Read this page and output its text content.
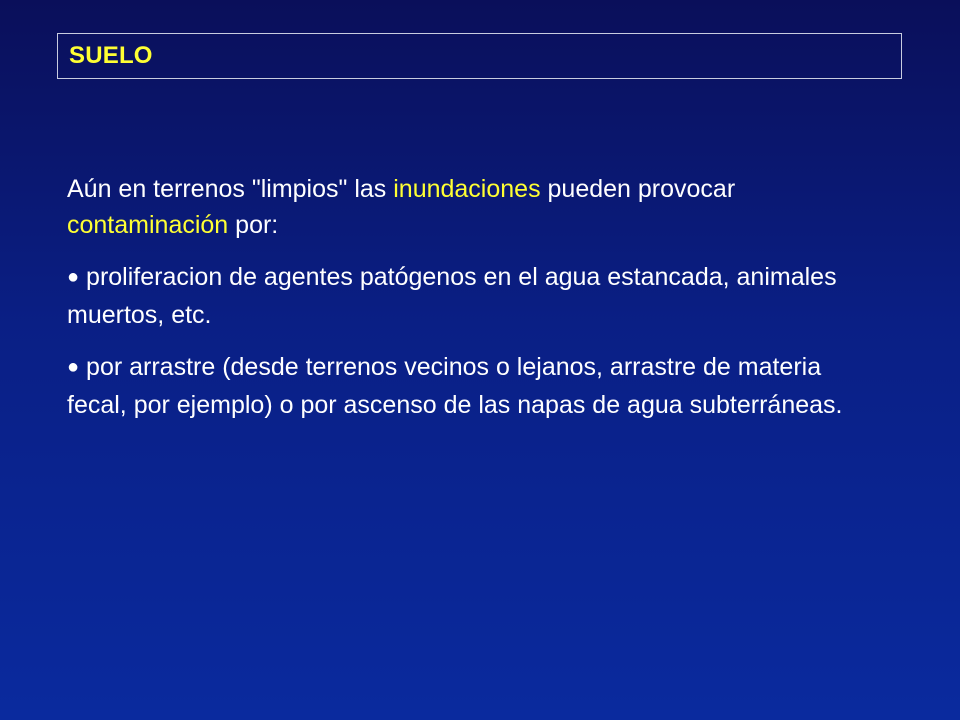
SUELO

Aún en terrenos "limpios" las inundaciones pueden provocar contaminación por:

● proliferacion de agentes patógenos en el agua estancada, animales muertos, etc.

● por arrastre (desde terrenos vecinos o lejanos, arrastre de materia fecal, por ejemplo) o por ascenso de las napas de agua subterráneas.
